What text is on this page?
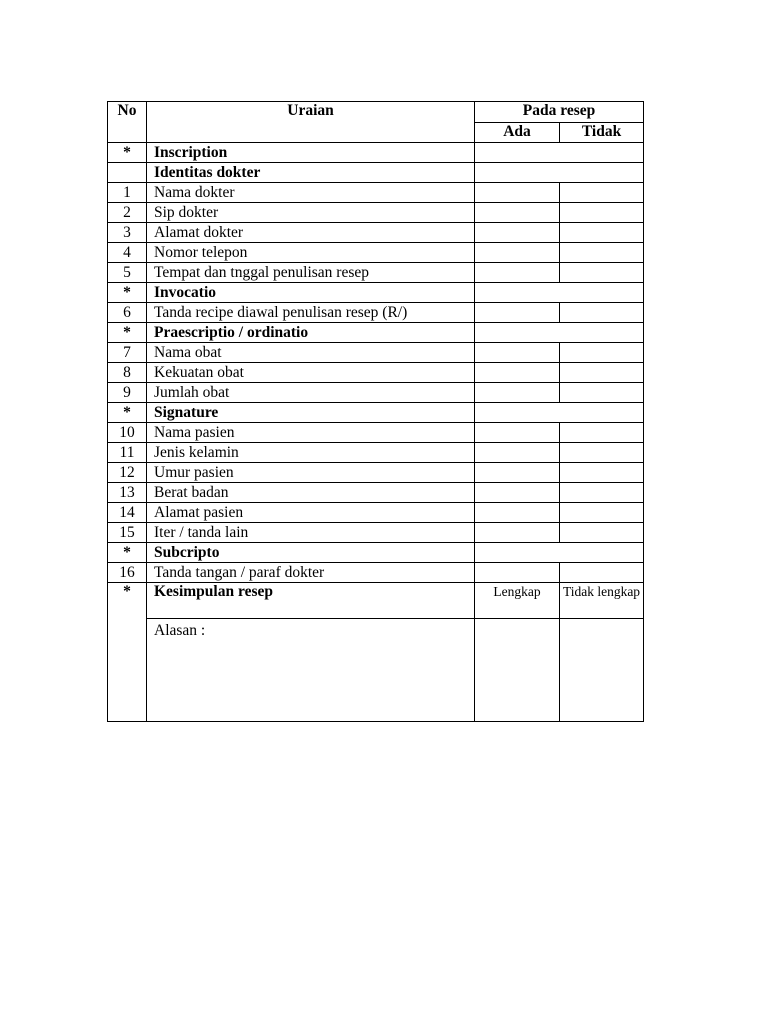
No	Uraian	Pada resep	
		Ada	Tidak
*	Inscription		
	Identitas dokter		
1	Nama dokter		
2	Sip dokter		
3	Alamat dokter		
4	Nomor telepon		
5	Tempat dan tnggal penulisan resep		
*	Invocatio		
6	Tanda recipe diawal penulisan resep (R/)		
*	Praescriptio / ordinatio		
7	Nama obat		
8	Kekuatan obat		
9	Jumlah obat		
*	Signature		
10	Nama pasien		
11	Jenis kelamin		
12	Umur pasien		
13	Berat badan		
14	Alamat pasien		
15	Iter / tanda lain		
*	Subcripto		
16	Tanda tangan / paraf dokter		
*	Kesimpulan resep	Lengkap	Tidak lengkap
	Alasan :		
